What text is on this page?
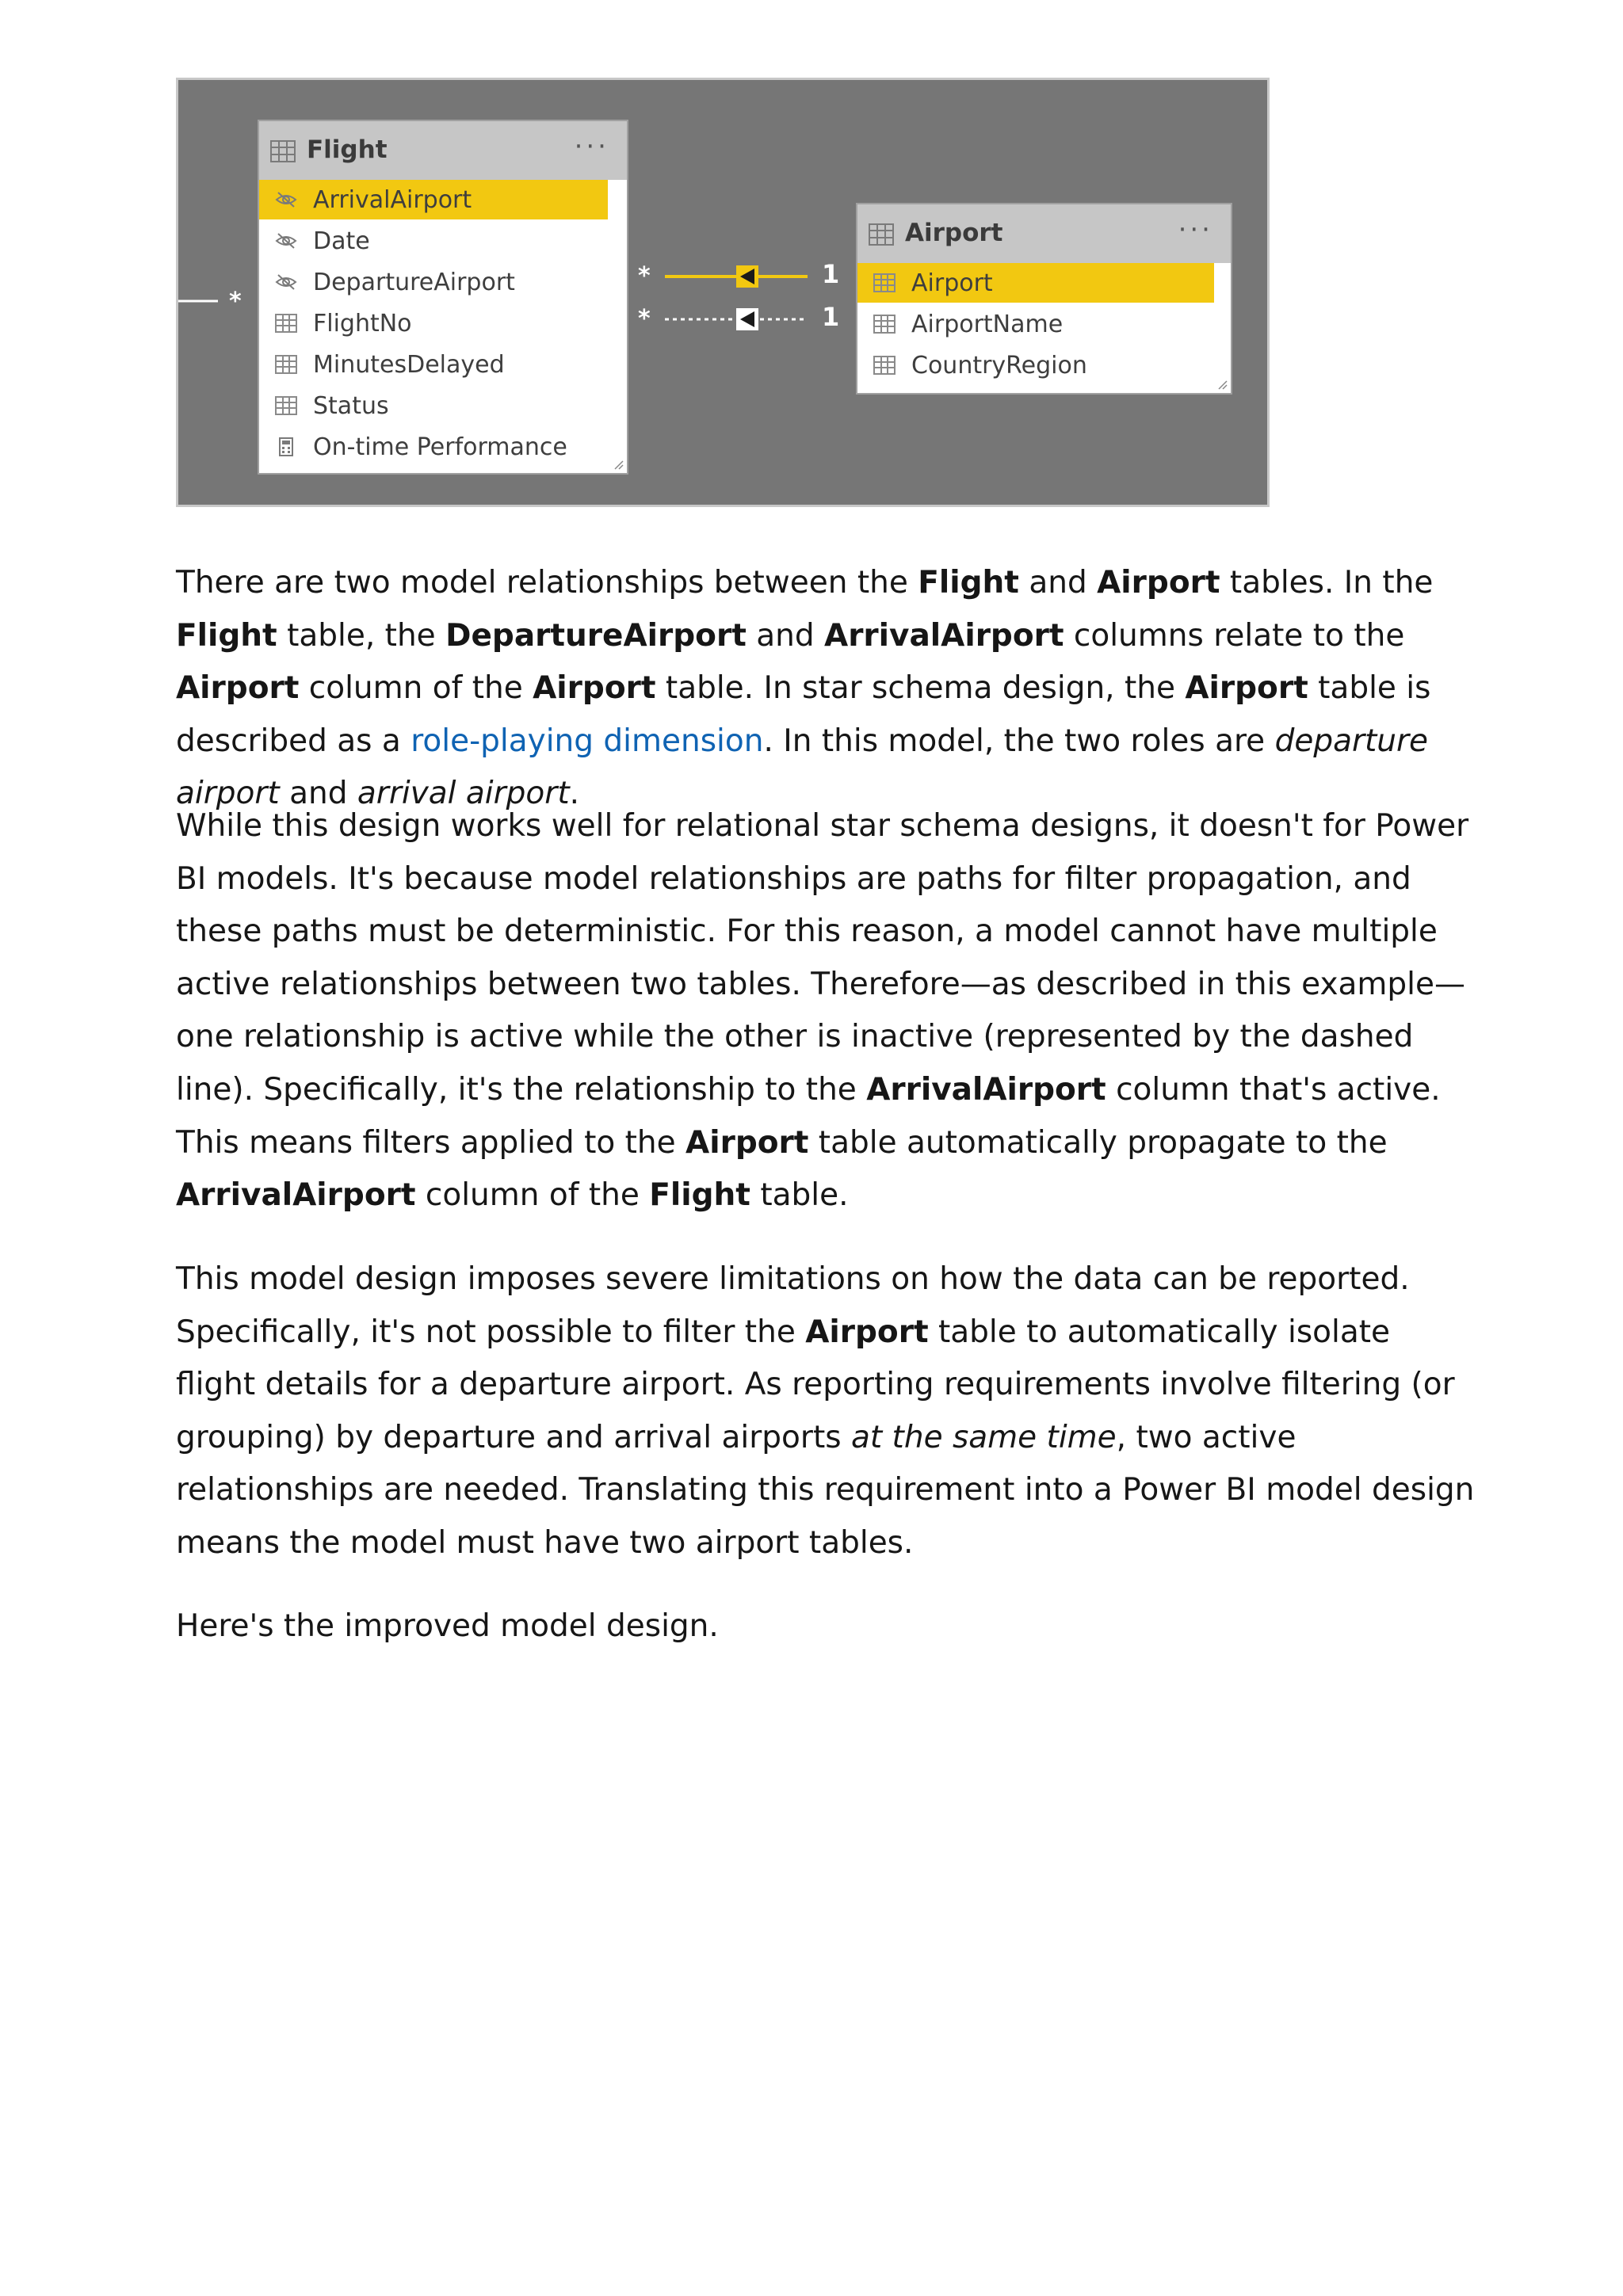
*
Flight	···
ArrivalAirport
Date
DepartureAirport
FlightNo
MinutesDelayed
Status
On-time Performance
*	1
*	1
Airport	···
Airport
AirportName
CountryRegion

There are two model relationships between the Flight and Airport tables. In the Flight table, the DepartureAirport and ArrivalAirport columns relate to the Airport column of the Airport table. In star schema design, the Airport table is described as a role-playing dimension. In this model, the two roles are departure airport and arrival airport.

While this design works well for relational star schema designs, it doesn't for Power BI models. It's because model relationships are paths for filter propagation, and these paths must be deterministic. For this reason, a model cannot have multiple active relationships between two tables. Therefore—as described in this example—one relationship is active while the other is inactive (represented by the dashed line). Specifically, it's the relationship to the ArrivalAirport column that's active. This means filters applied to the Airport table automatically propagate to the ArrivalAirport column of the Flight table.

This model design imposes severe limitations on how the data can be reported. Specifically, it's not possible to filter the Airport table to automatically isolate flight details for a departure airport. As reporting requirements involve filtering (or grouping) by departure and arrival airports at the same time, two active relationships are needed. Translating this requirement into a Power BI model design means the model must have two airport tables.

Here's the improved model design.
